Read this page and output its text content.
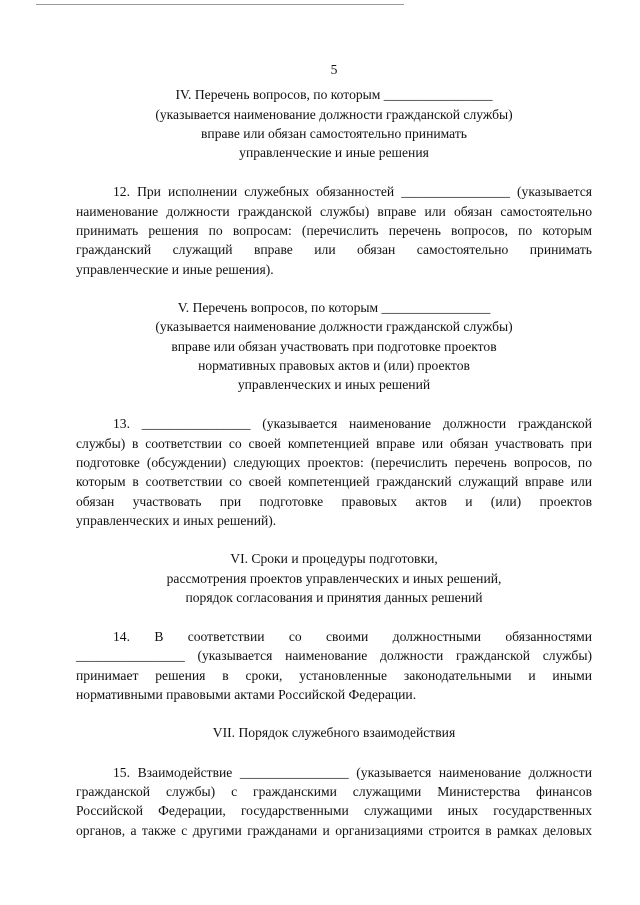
5
IV. Перечень вопросов, по которым ________________
(указывается наименование должности гражданской службы)
вправе или обязан самостоятельно принимать
управленческие и иные решения
12. При исполнении служебных обязанностей ________________ (указывается
наименование должности гражданской службы) вправе или обязан самостоятельно
принимать решения по вопросам: (перечислить перечень вопросов, по которым
гражданский служащий вправе или обязан самостоятельно принимать
управленческие и иные решения).
V. Перечень вопросов, по которым ________________
(указывается наименование должности гражданской службы)
вправе или обязан участвовать при подготовке проектов
нормативных правовых актов и (или) проектов
управленческих и иных решений
13. ________________ (указывается наименование должности гражданской
службы) в соответствии со своей компетенцией вправе или обязан участвовать при
подготовке (обсуждении) следующих проектов: (перечислить перечень вопросов, по
которым в соответствии со своей компетенцией гражданский служащий вправе или
обязан участвовать при подготовке правовых актов и (или) проектов
управленческих и иных решений).
VI. Сроки и процедуры подготовки,
рассмотрения проектов управленческих и иных решений,
порядок согласования и принятия данных решений
14. В соответствии со своими должностными обязанностями
________________ (указывается наименование должности гражданской службы)
принимает решения в сроки, установленные законодательными и иными
нормативными правовыми актами Российской Федерации.
VII. Порядок служебного взаимодействия
15. Взаимодействие ________________ (указывается наименование должности
гражданской службы) с гражданскими служащими Министерства финансов
Российской Федерации, государственными служащими иных государственных
органов, а также с другими гражданами и организациями строится в рамках деловых
